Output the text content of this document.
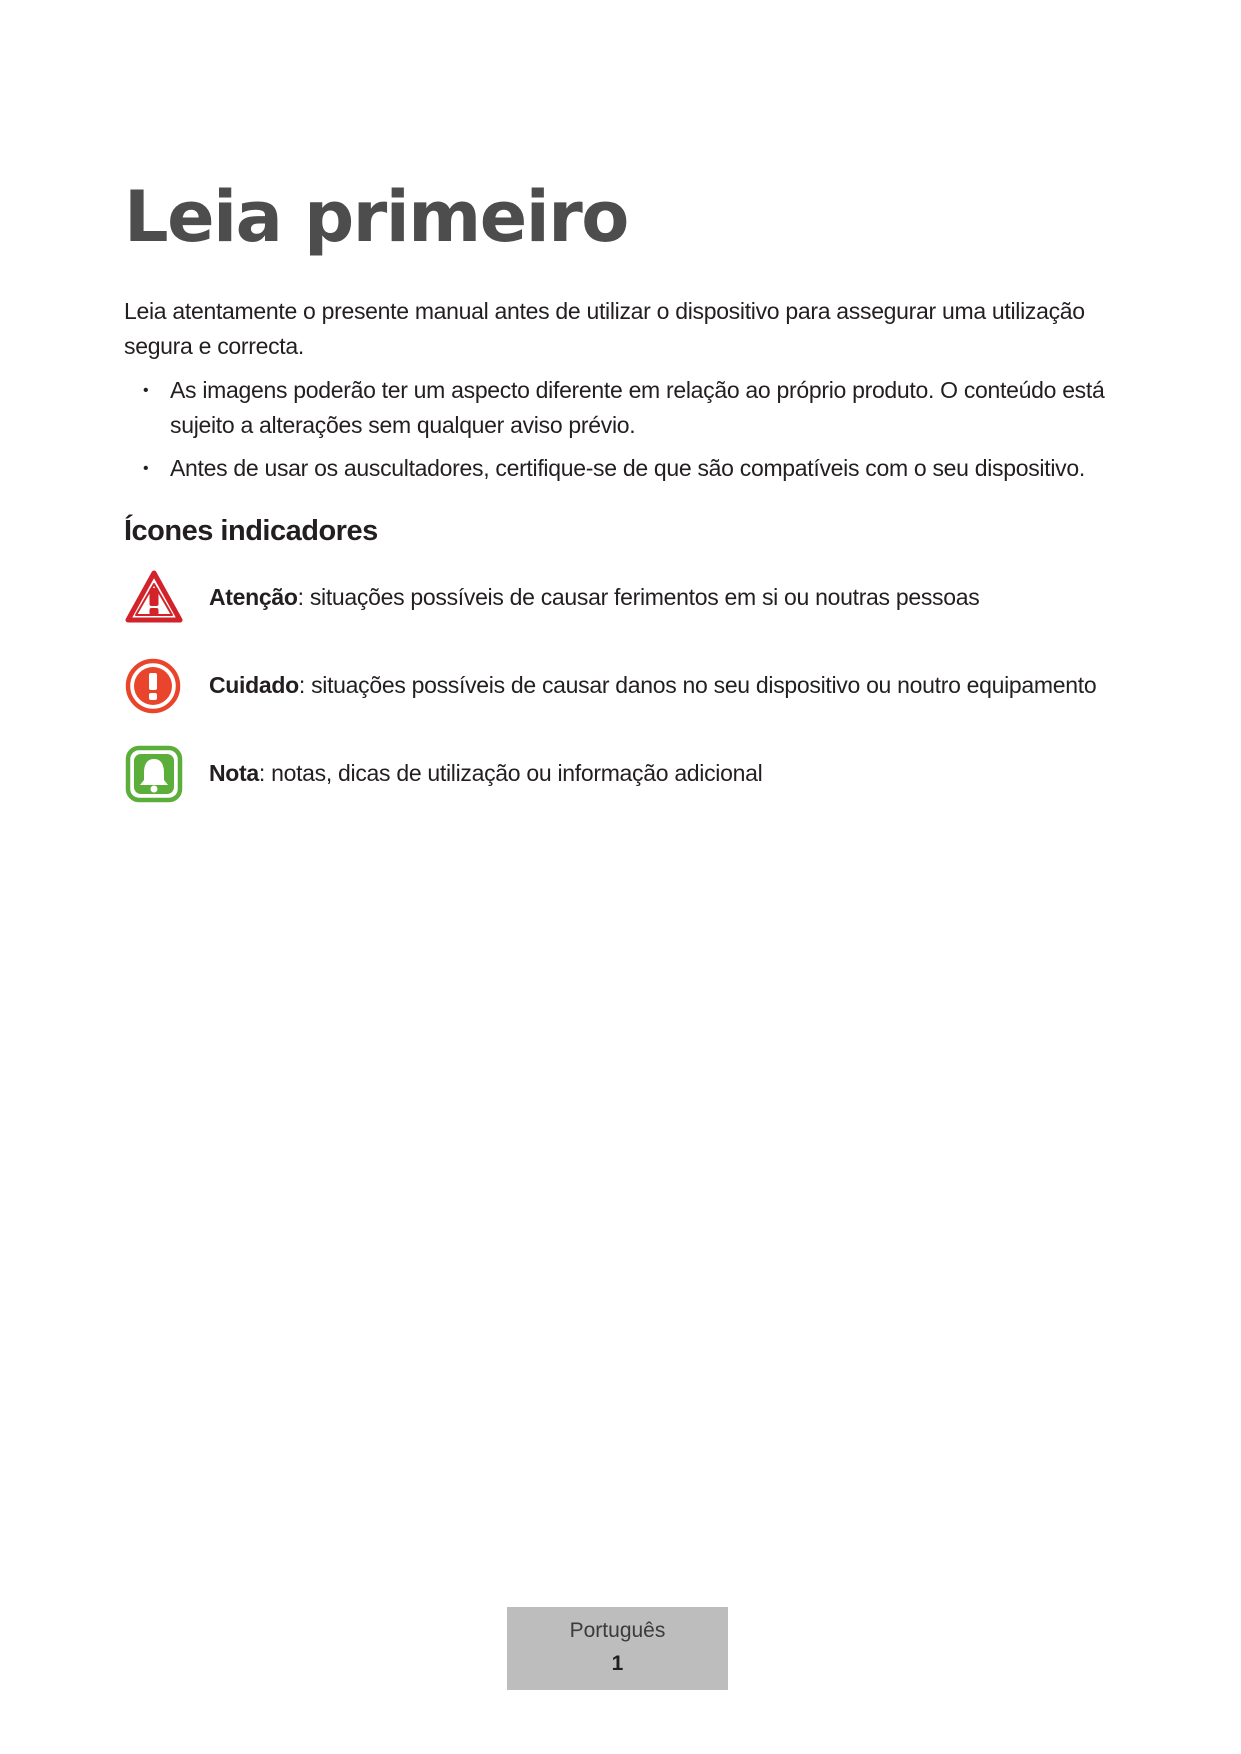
Leia primeiro

Leia atentamente o presente manual antes de utilizar o dispositivo para assegurar uma utilização segura e correcta.

• As imagens poderão ter um aspecto diferente em relação ao próprio produto. O conteúdo está sujeito a alterações sem qualquer aviso prévio.
• Antes de usar os auscultadores, certifique-se de que são compatíveis com o seu dispositivo.
Ícones indicadores
Atenção: situações possíveis de causar ferimentos em si ou noutras pessoas
Cuidado: situações possíveis de causar danos no seu dispositivo ou noutro equipamento
Nota: notas, dicas de utilização ou informação adicional
Português
1
